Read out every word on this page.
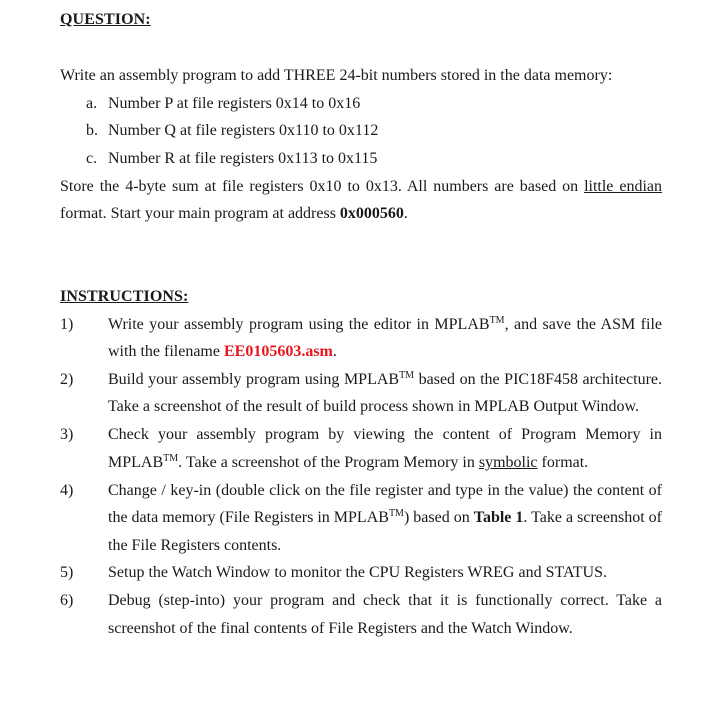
QUESTION:
Write an assembly program to add THREE 24-bit numbers stored in the data memory:
a. Number P at file registers 0x14 to 0x16
b. Number Q at file registers 0x110 to 0x112
c. Number R at file registers 0x113 to 0x115
Store the 4-byte sum at file registers 0x10 to 0x13. All numbers are based on little endian
format. Start your main program at address 0x000560.
INSTRUCTIONS:
1) Write your assembly program using the editor in MPLAB™, and save the ASM file
with the filename EE0105603.asm.
2) Build your assembly program using MPLAB™ based on the PIC18F458 architecture.
Take a screenshot of the result of build process shown in MPLAB Output Window.
3) Check your assembly program by viewing the content of Program Memory in
MPLAB™. Take a screenshot of the Program Memory in symbolic format.
4) Change / key-in (double click on the file register and type in the value) the content of
the data memory (File Registers in MPLAB™) based on Table 1. Take a screenshot of
the File Registers contents.
5) Setup the Watch Window to monitor the CPU Registers WREG and STATUS.
6) Debug (step-into) your program and check that it is functionally correct. Take a
screenshot of the final contents of File Registers and the Watch Window.
